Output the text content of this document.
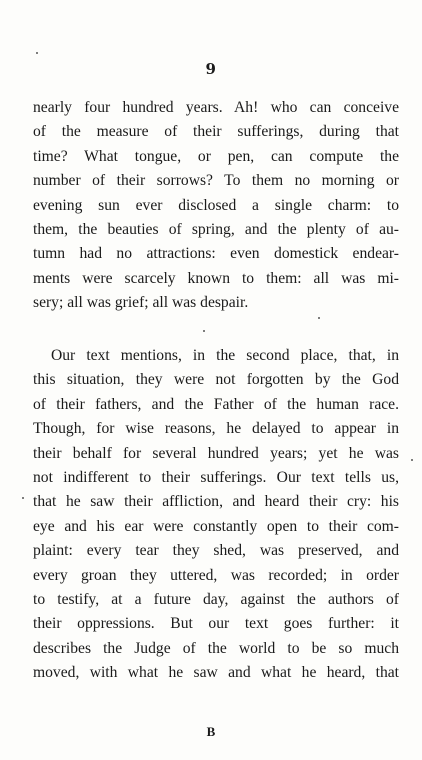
9
nearly four hundred years. Ah! who can conceive
of the measure of their sufferings, during that
time? What tongue, or pen, can compute the
number of their sorrows? To them no morning or
evening sun ever disclosed a single charm: to
them, the beauties of spring, and the plenty of au-
tumn had no attractions: even domestick endear-
ments were scarcely known to them: all was mi-
sery; all was grief; all was despair.
Our text mentions, in the second place, that, in
this situation, they were not forgotten by the God
of their fathers, and the Father of the human race.
Though, for wise reasons, he delayed to appear in
their behalf for several hundred years; yet he was
not indifferent to their sufferings. Our text tells us,
that he saw their affliction, and heard their cry: his
eye and his ear were constantly open to their com-
plaint: every tear they shed, was preserved, and
every groan they uttered, was recorded; in order
to testify, at a future day, against the authors of
their oppressions. But our text goes further: it
describes the Judge of the world to be so much
moved, with what he saw and what he heard, that
B
